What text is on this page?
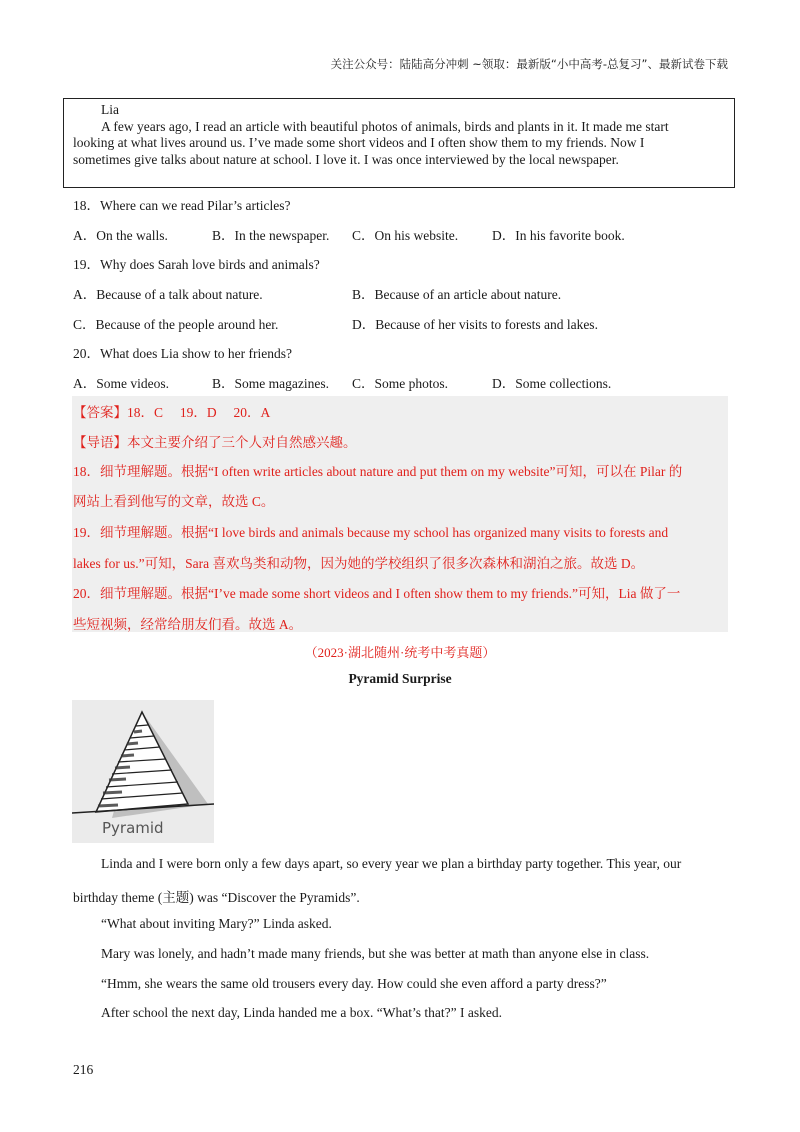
关注公众号：陆陆高分冲刺 ~领取：最新版“小中高考-总复习”、最新试卷下载
Lia
A few years ago, I read an article with beautiful photos of animals, birds and plants in it. It made me start
looking at what lives around us. I’ve made some short videos and I often show them to my friends. Now I
sometimes give talks about nature at school. I love it. I was once interviewed by the local newspaper.
18．Where can we read Pilar’s articles?
A．On the walls.	B．In the newspaper. C．On his website.	D．In his favorite book.
19．Why does Sarah love birds and animals?
A．Because of a talk about nature.	B．Because of an article about nature.
C．Because of the people around her.	D．Because of her visits to forests and lakes.
20．What does Lia show to her friends?
A．Some videos.	B．Some magazines. C．Some photos.	D．Some collections.
【答案】18．C　 19．D　 20．A
【导语】本文主要介绍了三个人对自然感兴趣。
18．细节理解题。根据“I often write articles about nature and put them on my website”可知，可以在 Pilar 的
网站上看到他写的文章，故选 C。
19．细节理解题。根据“I love birds and animals because my school has organized many visits to forests and
lakes for us.”可知，Sara 喜欢鸟类和动物，因为她的学校组织了很多次森林和湖泊之旅。故选 D。
20．细节理解题。根据“I’ve made some short videos and I often show them to my friends.”可知，Lia 做了一
些短视频，经常给朋友们看。故选 A。
（2023·湖北随州·统考中考真题）
Pyramid Surprise
Pyramid
Linda and I were born only a few days apart, so every year we plan a birthday party together. This year, our
birthday theme (主题) was “Discover the Pyramids”.
“What about inviting Mary?” Linda asked.
Mary was lonely, and hadn’t made many friends, but she was better at math than anyone else in class.
“Hmm, she wears the same old trousers every day. How could she even afford a party dress?”
After school the next day, Linda handed me a box. “What’s that?” I asked.
216
